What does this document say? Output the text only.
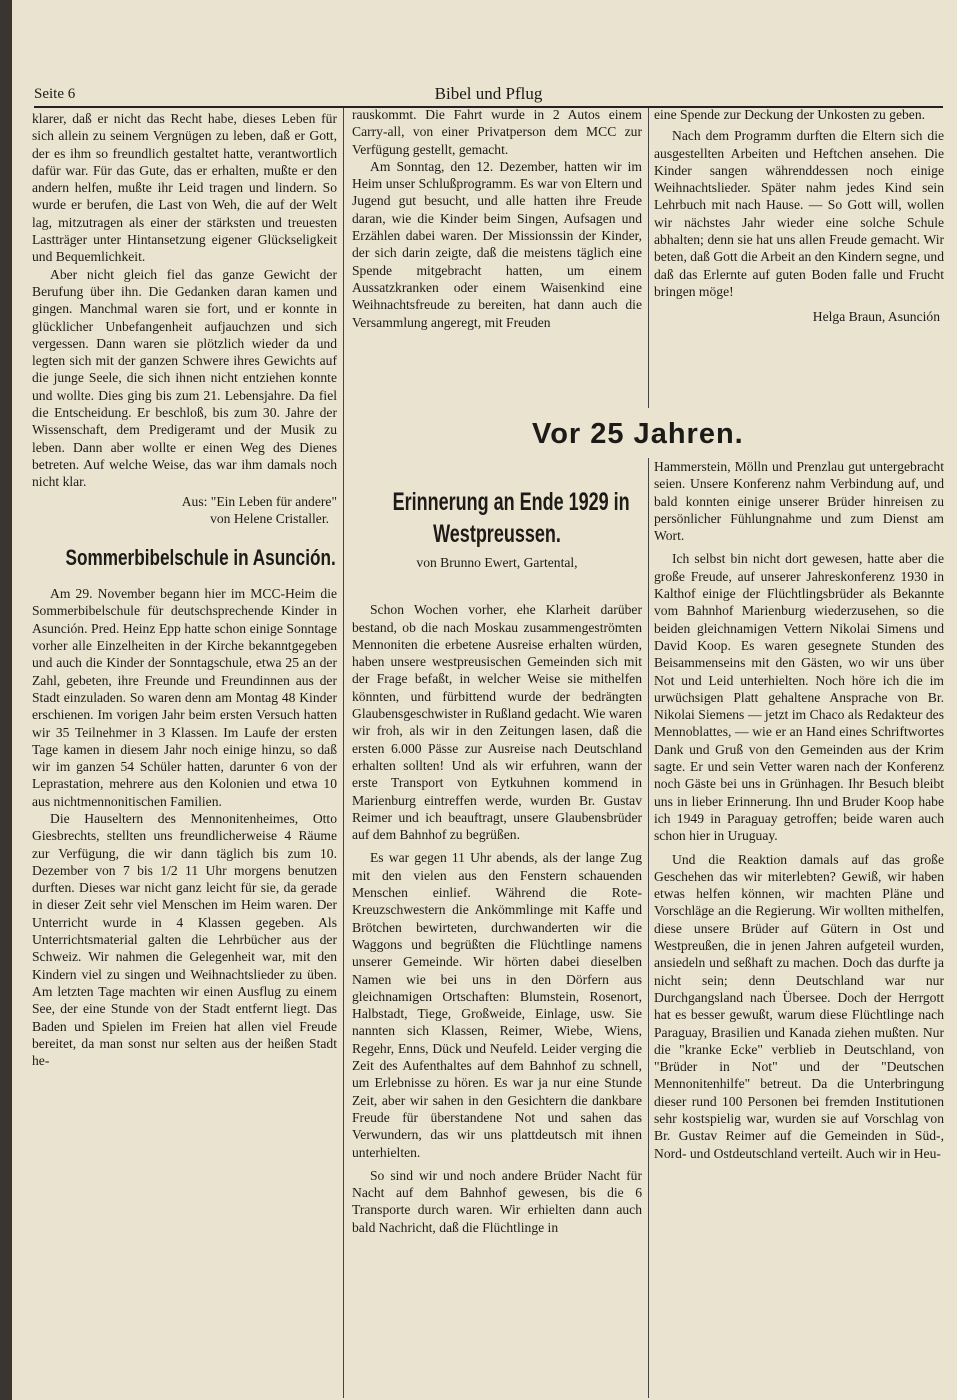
Seite 6	Bibel und Pflug

klarer, daß er nicht das Recht habe, dieses Leben für sich allein zu seinem Vergnügen zu leben, daß er Gott, der es ihm so freundlich gestaltet hatte, verantwortlich dafür war. Für das Gute, das er erhalten, mußte er den andern helfen, mußte ihr Leid tragen und lindern. So wurde er berufen, die Last von Weh, die auf der Welt lag, mitzutragen als einer der stärksten und treuesten Lastträger unter Hintansetzung eigener Glückseligkeit und Bequemlichkeit.

Aber nicht gleich fiel das ganze Gewicht der Berufung über ihn. Die Gedanken daran kamen und gingen. Manchmal waren sie fort, und er konnte in glücklicher Unbefangenheit aufjauchzen und sich vergessen. Dann waren sie plötzlich wieder da und legten sich mit der ganzen Schwere ihres Gewichts auf die junge Seele, die sich ihnen nicht entziehen konnte und wollte. Dies ging bis zum 21. Lebensjahre. Da fiel die Entscheidung. Er beschloß, bis zum 30. Jahre der Wissenschaft, dem Predigeramt und der Musik zu leben. Dann aber wollte er einen Weg des Dienes betreten. Auf welche Weise, das war ihm damals noch nicht klar.

Aus: "Ein Leben für andere"

von Helene Cristaller.

Sommerbibelschule in Asunción.

Am 29. November begann hier im MCC-Heim die Sommerbibelschule für deutschsprechende Kinder in Asunción. Pred. Heinz Epp hatte schon einige Sonntage vorher alle Einzelheiten in der Kirche bekanntgegeben und auch die Kinder der Sonntagschule, etwa 25 an der Zahl, gebeten, ihre Freunde und Freundinnen aus der Stadt einzuladen. So waren denn am Montag 48 Kinder erschienen. Im vorigen Jahr beim ersten Versuch hatten wir 35 Teilnehmer in 3 Klassen. Im Laufe der ersten Tage kamen in diesem Jahr noch einige hinzu, so daß wir im ganzen 54 Schüler hatten, darunter 6 von der Leprastation, mehrere aus den Kolonien und etwa 10 aus nichtmennonitischen Familien.

Die Hauseltern des Mennonitenheimes, Otto Giesbrechts, stellten uns freundlicherweise 4 Räume zur Verfügung, die wir dann täglich bis zum 10. Dezember von 7 bis 1/2 11 Uhr morgens benutzen durften. Dieses war nicht ganz leicht für sie, da gerade in dieser Zeit sehr viel Menschen im Heim waren. Der Unterricht wurde in 4 Klassen gegeben. Als Unterrichtsmaterial galten die Lehrbücher aus der Schweiz. Wir nahmen die Gelegenheit war, mit den Kindern viel zu singen und Weihnachtslieder zu üben. Am letzten Tage machten wir einen Ausflug zu einem See, der eine Stunde von der Stadt entfernt liegt. Das Baden und Spielen im Freien hat allen viel Freude bereitet, da man sonst nur selten aus der heißen Stadt he-

rauskommt. Die Fahrt wurde in 2 Autos einem Carry-all, von einer Privatperson dem MCC zur Verfügung gestellt, gemacht.

Am Sonntag, den 12. Dezember, hatten wir im Heim unser Schlußprogramm. Es war von Eltern und Jugend gut besucht, und alle hatten ihre Freude daran, wie die Kinder beim Singen, Aufsagen und Erzählen dabei waren. Der Missionssin der Kinder, der sich darin zeigte, daß die meistens täglich eine Spende mitgebracht hatten, um einem Aussatzkranken oder einem Waisenkind eine Weihnachtsfreude zu bereiten, hat dann auch die Versammlung angeregt, mit Freuden

Vor 25 Jahren.
Erinnerung an Ende 1929 in
Westpreussen.
von Brunno Ewert, Gartental,

Schon Wochen vorher, ehe Klarheit darüber bestand, ob die nach Moskau zusammengeströmten Mennoniten die erbetene Ausreise erhalten würden, haben unsere westpreusischen Gemeinden sich mit der Frage befaßt, in welcher Weise sie mithelfen könnten, und fürbittend wurde der bedrängten Glaubensgeschwister in Rußland gedacht. Wie waren wir froh, als wir in den Zeitungen lasen, daß die ersten 6.000 Pässe zur Ausreise nach Deutschland erhalten sollten! Und als wir erfuhren, wann der erste Transport von Eytkuhnen kommend in Marienburg eintreffen werde, wurden Br. Gustav Reimer und ich beauftragt, unsere Glaubensbrüder auf dem Bahnhof zu begrüßen.

Es war gegen 11 Uhr abends, als der lange Zug mit den vielen aus den Fenstern schauenden Menschen einlief. Während die Rote-Kreuzschwestern die Ankömmlinge mit Kaffe und Brötchen bewirteten, durchwanderten wir die Waggons und begrüßten die Flüchtlinge namens unserer Gemeinde. Wir hörten dabei dieselben Namen wie bei uns in den Dörfern aus gleichnamigen Ortschaften: Blumstein, Rosenort, Halbstadt, Tiege, Großweide, Einlage, usw. Sie nannten sich Klassen, Reimer, Wiebe, Wiens, Regehr, Enns, Dück und Neufeld. Leider verging die Zeit des Aufenthaltes auf dem Bahnhof zu schnell, um Erlebnisse zu hören. Es war ja nur eine Stunde Zeit, aber wir sahen in den Gesichtern die dankbare Freude für überstandene Not und sahen das Verwundern, das wir uns plattdeutsch mit ihnen unterhielten.

So sind wir und noch andere Brüder Nacht für Nacht auf dem Bahnhof gewesen, bis die 6 Transporte durch waren. Wir erhielten dann auch bald Nachricht, daß die Flüchtlinge in

eine Spende zur Deckung der Unkosten zu geben.

Nach dem Programm durften die Eltern sich die ausgestellten Arbeiten und Heftchen ansehen. Die Kinder sangen währenddessen noch einige Weihnachtslieder. Später nahm jedes Kind sein Lehrbuch mit nach Hause. — So Gott will, wollen wir nächstes Jahr wieder eine solche Schule abhalten; denn sie hat uns allen Freude gemacht. Wir beten, daß Gott die Arbeit an den Kindern segne, und daß das Erlernte auf guten Boden falle und Frucht bringen möge!

Helga Braun, Asunción

Hammerstein, Mölln und Prenzlau gut untergebracht seien. Unsere Konferenz nahm Verbindung auf, und bald konnten einige unserer Brüder hinreisen zu persönlicher Fühlungnahme und zum Dienst am Wort.

Ich selbst bin nicht dort gewesen, hatte aber die große Freude, auf unserer Jahreskonferenz 1930 in Kalthof einige der Flüchtlingsbrüder als Bekannte vom Bahnhof Marienburg wiederzusehen, so die beiden gleichnamigen Vettern Nikolai Simens und David Koop. Es waren gesegnete Stunden des Beisammenseins mit den Gästen, wo wir uns über Not und Leid unterhielten. Noch höre ich die im urwüchsigen Platt gehaltene Ansprache von Br. Nikolai Siemens — jetzt im Chaco als Redakteur des Mennoblattes, — wie er an Hand eines Schriftwortes Dank und Gruß von den Gemeinden aus der Krim sagte. Er und sein Vetter waren nach der Konferenz noch Gäste bei uns in Grünhagen. Ihr Besuch bleibt uns in lieber Erinnerung. Ihn und Bruder Koop habe ich 1949 in Paraguay getroffen; beide waren auch schon hier in Uruguay.

Und die Reaktion damals auf das große Geschehen das wir miterlebten? Gewiß, wir haben etwas helfen können, wir machten Pläne und Vorschläge an die Regierung. Wir wollten mithelfen, diese unsere Brüder auf Gütern in Ost und Westpreußen, die in jenen Jahren aufgeteil wurden, ansiedeln und seßhaft zu machen. Doch das durfte ja nicht sein; denn Deutschland war nur Durchgangsland nach Übersee. Doch der Herrgott hat es besser gewußt, warum diese Flüchtlinge nach Paraguay, Brasilien und Kanada ziehen mußten. Nur die "kranke Ecke" verblieb in Deutschland, von "Brüder in Not" und der "Deutschen Mennonitenhilfe" betreut. Da die Unterbringung dieser rund 100 Personen bei fremden Institutionen sehr kostspielig war, wurden sie auf Vorschlag von Br. Gustav Reimer auf die Gemeinden in Süd-, Nord- und Ostdeutschland verteilt. Auch wir in Heu-
